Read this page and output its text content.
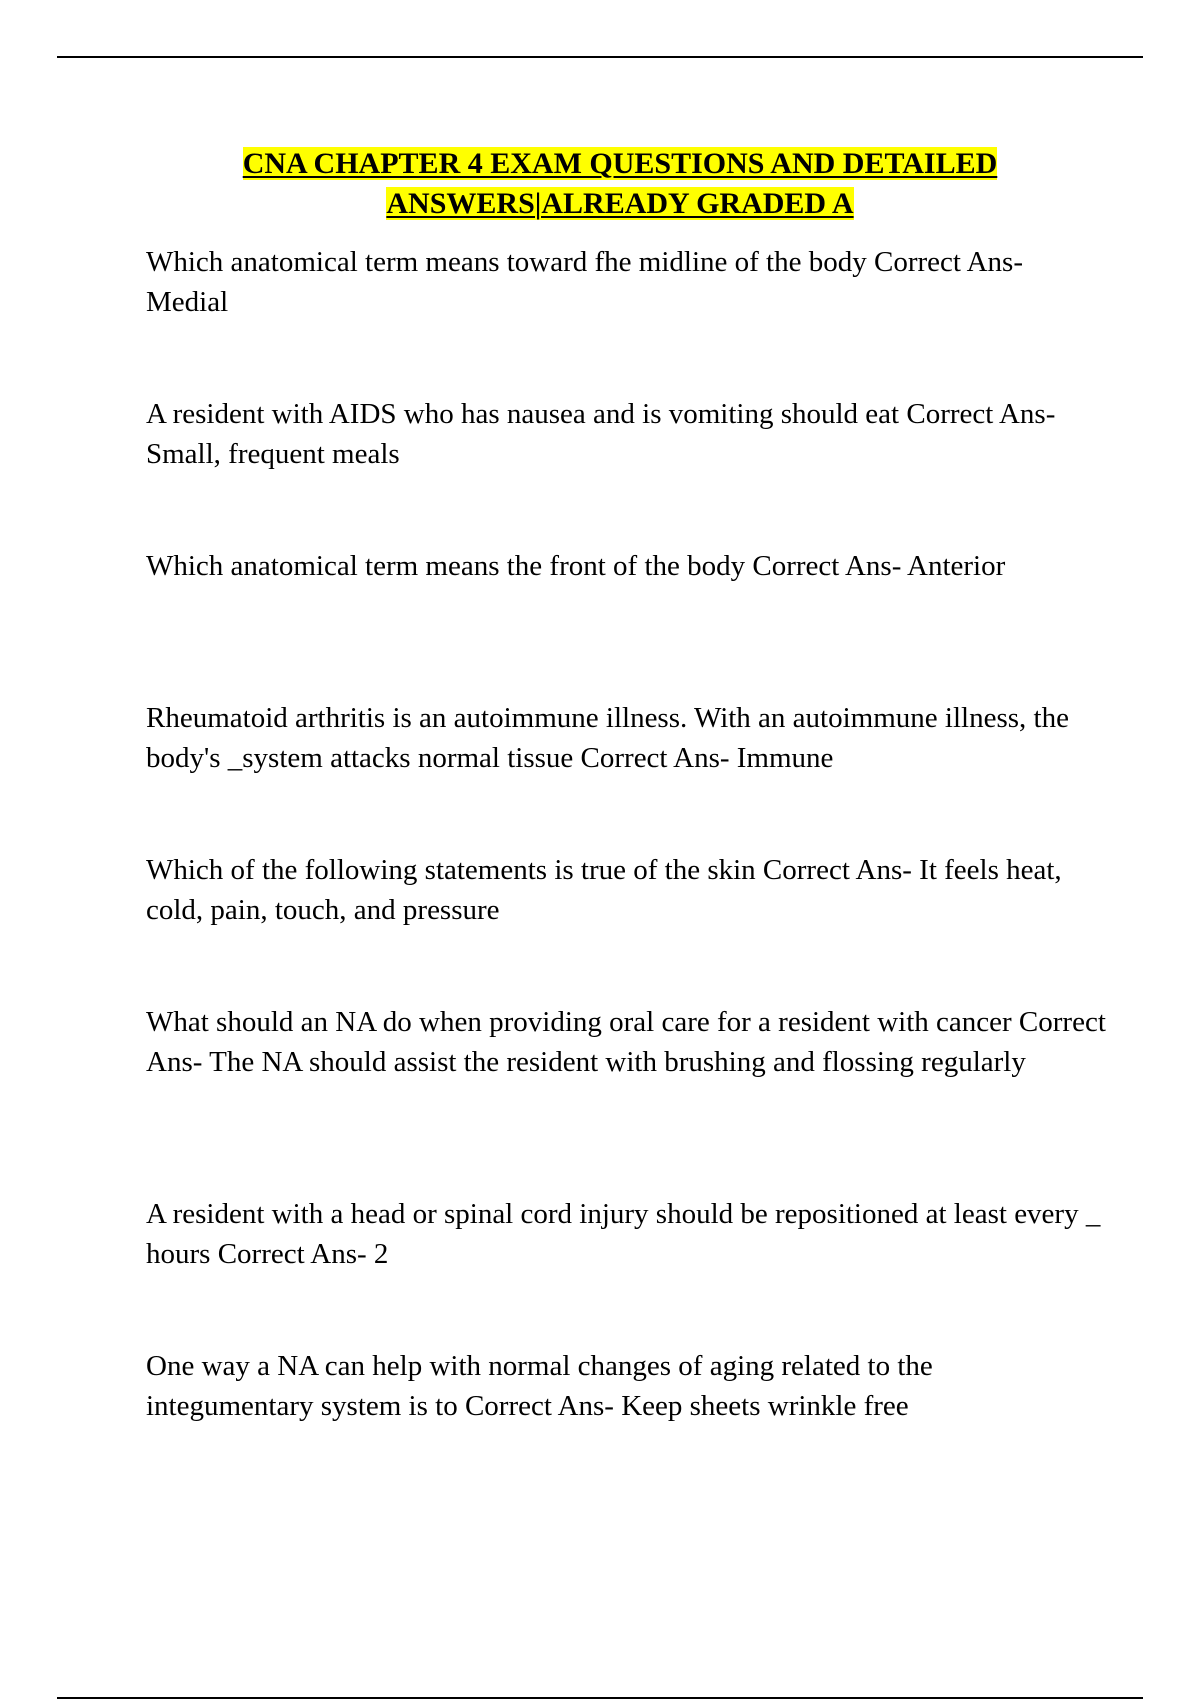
CNA CHAPTER 4 EXAM QUESTIONS AND DETAILED
ANSWERS|ALREADY GRADED A

Which anatomical term means toward fhe midline of the body Correct Ans- Medial

A resident with AIDS who has nausea and is vomiting should eat Correct Ans- Small, frequent meals

Which anatomical term means the front of the body Correct Ans- Anterior

Rheumatoid arthritis is an autoimmune illness. With an autoimmune illness, the body's _system attacks normal tissue Correct Ans- Immune

Which of the following statements is true of the skin Correct Ans- It feels heat, cold, pain, touch, and pressure

What should an NA do when providing oral care for a resident with cancer Correct Ans- The NA should assist the resident with brushing and flossing regularly

A resident with a head or spinal cord injury should be repositioned at least every _ hours Correct Ans- 2

One way a NA can help with normal changes of aging related to the integumentary system is to Correct Ans- Keep sheets wrinkle free
